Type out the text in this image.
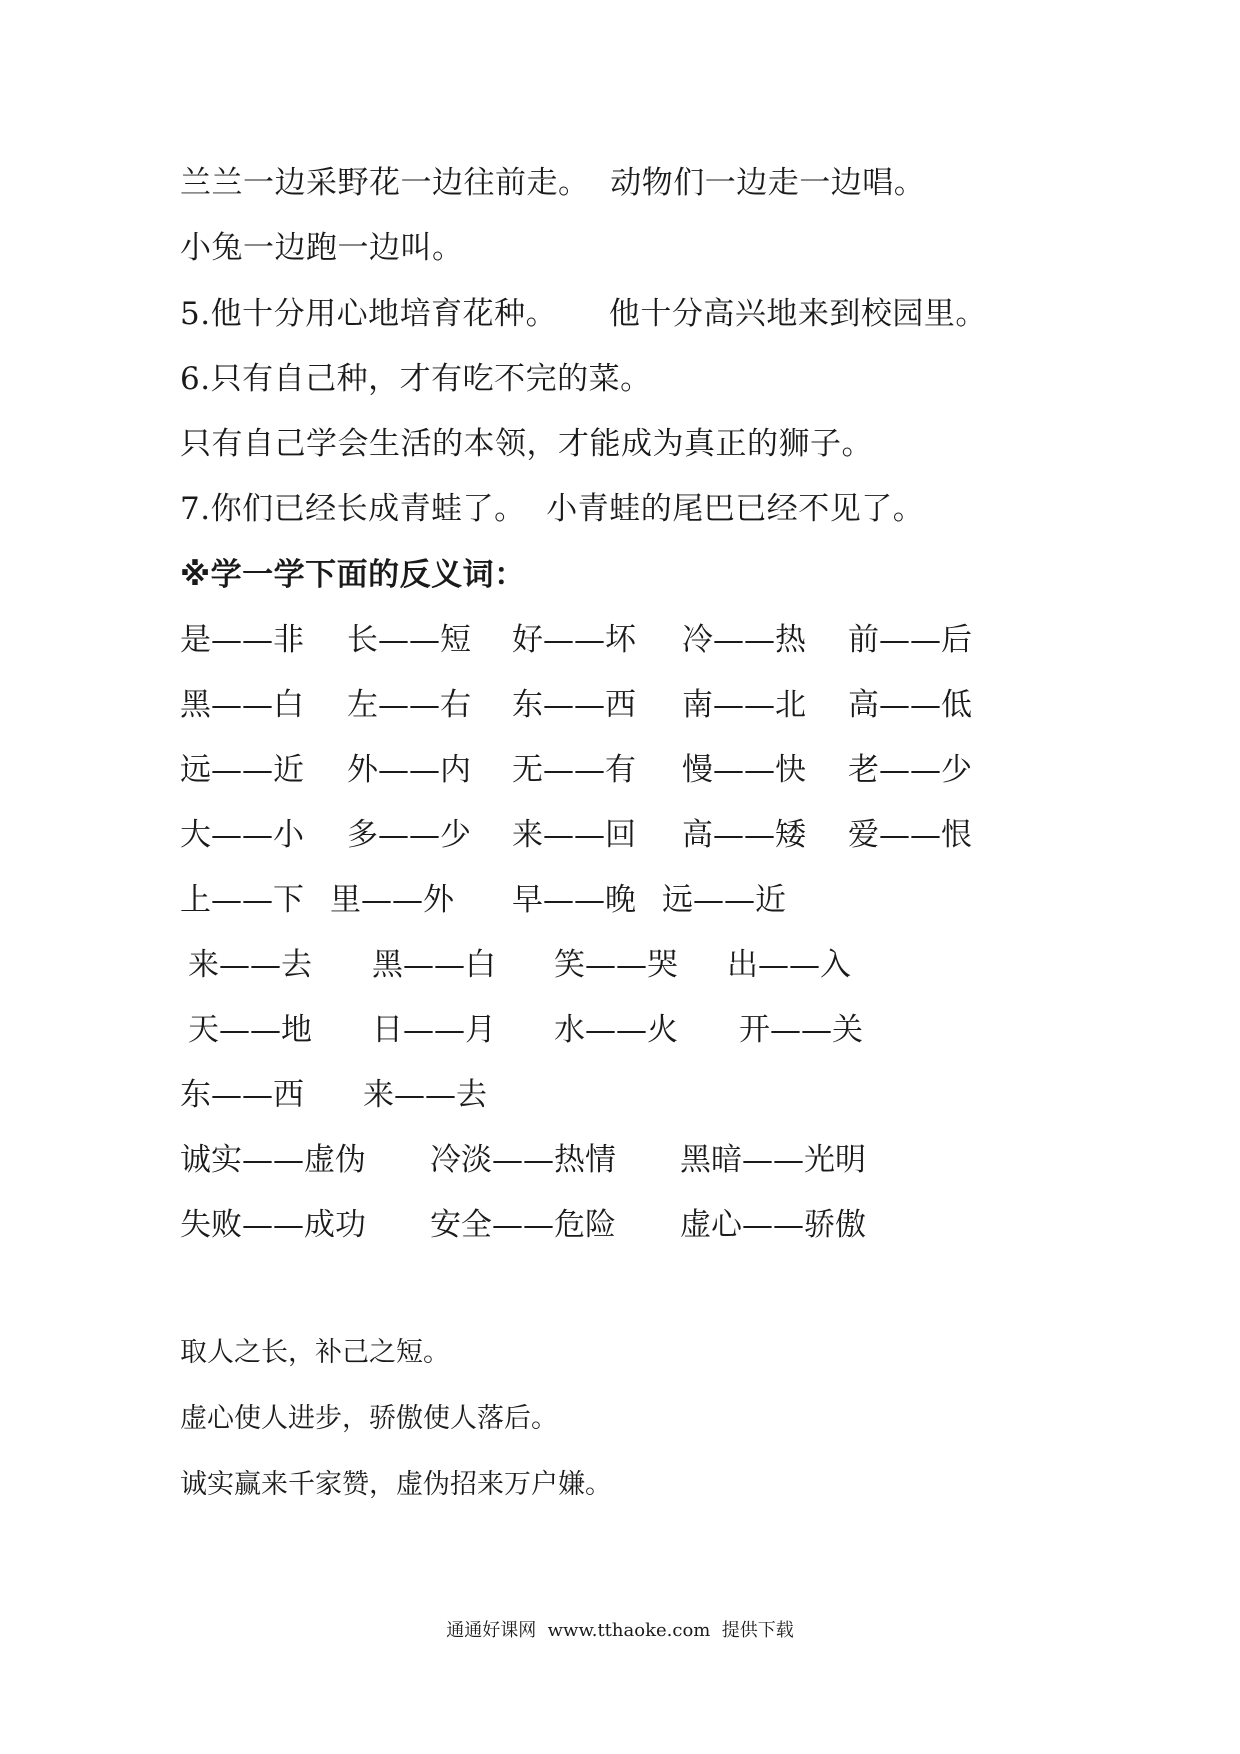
兰兰一边采野花一边往前走。  动物们一边走一边唱。
小兔一边跑一边叫。
5.他十分用心地培育花种。     他十分高兴地来到校园里。
6.只有自己种，才有吃不完的菜。
只有自己学会生活的本领，才能成为真正的狮子。
7.你们已经长成青蛙了。  小青蛙的尾巴已经不见了。
※学一学下面的反义词：
是——非 长——短 好——坏 冷——热 前——后
黑——白 左——右 东——西 南——北 高——低
远——近 外——内 无——有 慢——快 老——少
大——小 多——少 来——回 高——矮 爱——恨
上——下 里——外 早——晚 远——近
来——去 黑——白 笑——哭 出——入
天——地 日——月 水——火 开——关
东——西 来——去
诚实——虚伪 冷淡——热情 黑暗——光明
失败——成功 安全——危险 虚心——骄傲
取人之长，补己之短。
虚心使人进步，骄傲使人落后。
诚实赢来千家赞，虚伪招来万户嫌。
通通好课网  www.tthaoke.com  提供下载
